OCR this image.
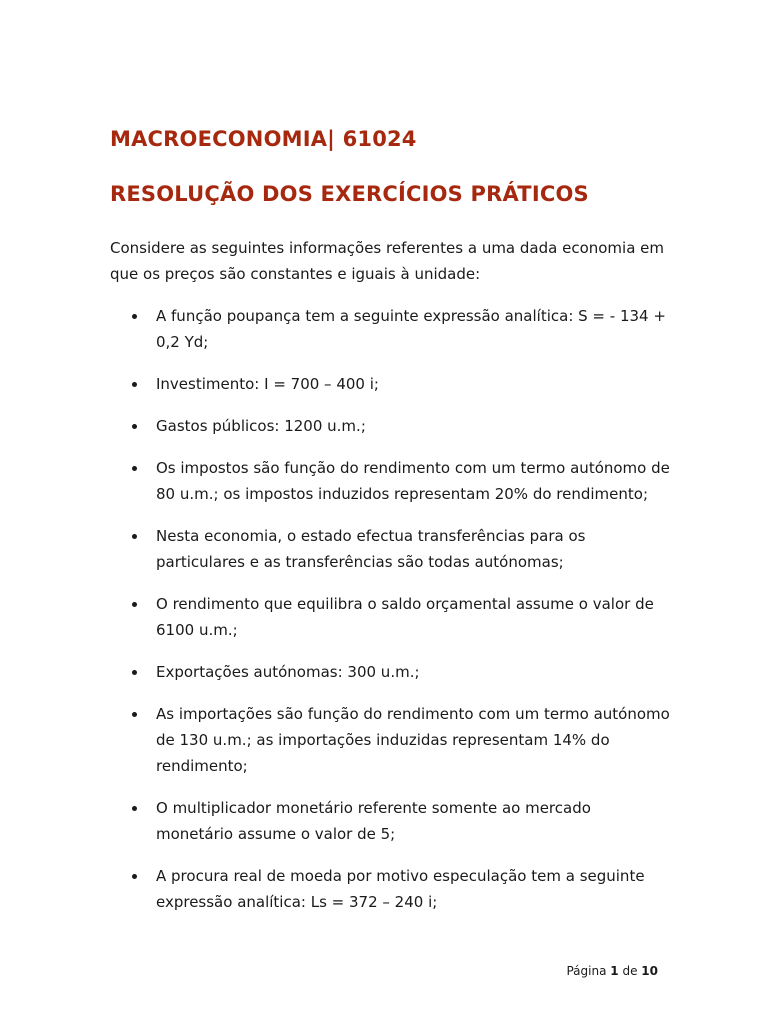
MACROECONOMIA| 61024
RESOLUÇÃO DOS EXERCÍCIOS PRÁTICOS

Considere as seguintes informações referentes a uma dada economia em que os preços são constantes e iguais à unidade:

A função poupança tem a seguinte expressão analítica: S = - 134 + 0,2 Yd;
Investimento: I = 700 – 400 i;
Gastos públicos: 1200 u.m.;
Os impostos são função do rendimento com um termo autónomo de 80 u.m.; os impostos induzidos representam 20% do rendimento;
Nesta economia, o estado efectua transferências para os particulares e as transferências são todas autónomas;
O rendimento que equilibra o saldo orçamental assume o valor de 6100 u.m.;
Exportações autónomas: 300 u.m.;
As importações são função do rendimento com um termo autónomo de 130 u.m.; as importações induzidas representam 14% do rendimento;
O multiplicador monetário referente somente ao mercado monetário assume o valor de 5;
A procura real de moeda por motivo especulação tem a seguinte expressão analítica: Ls = 372 – 240 i;
Página 1 de 10
